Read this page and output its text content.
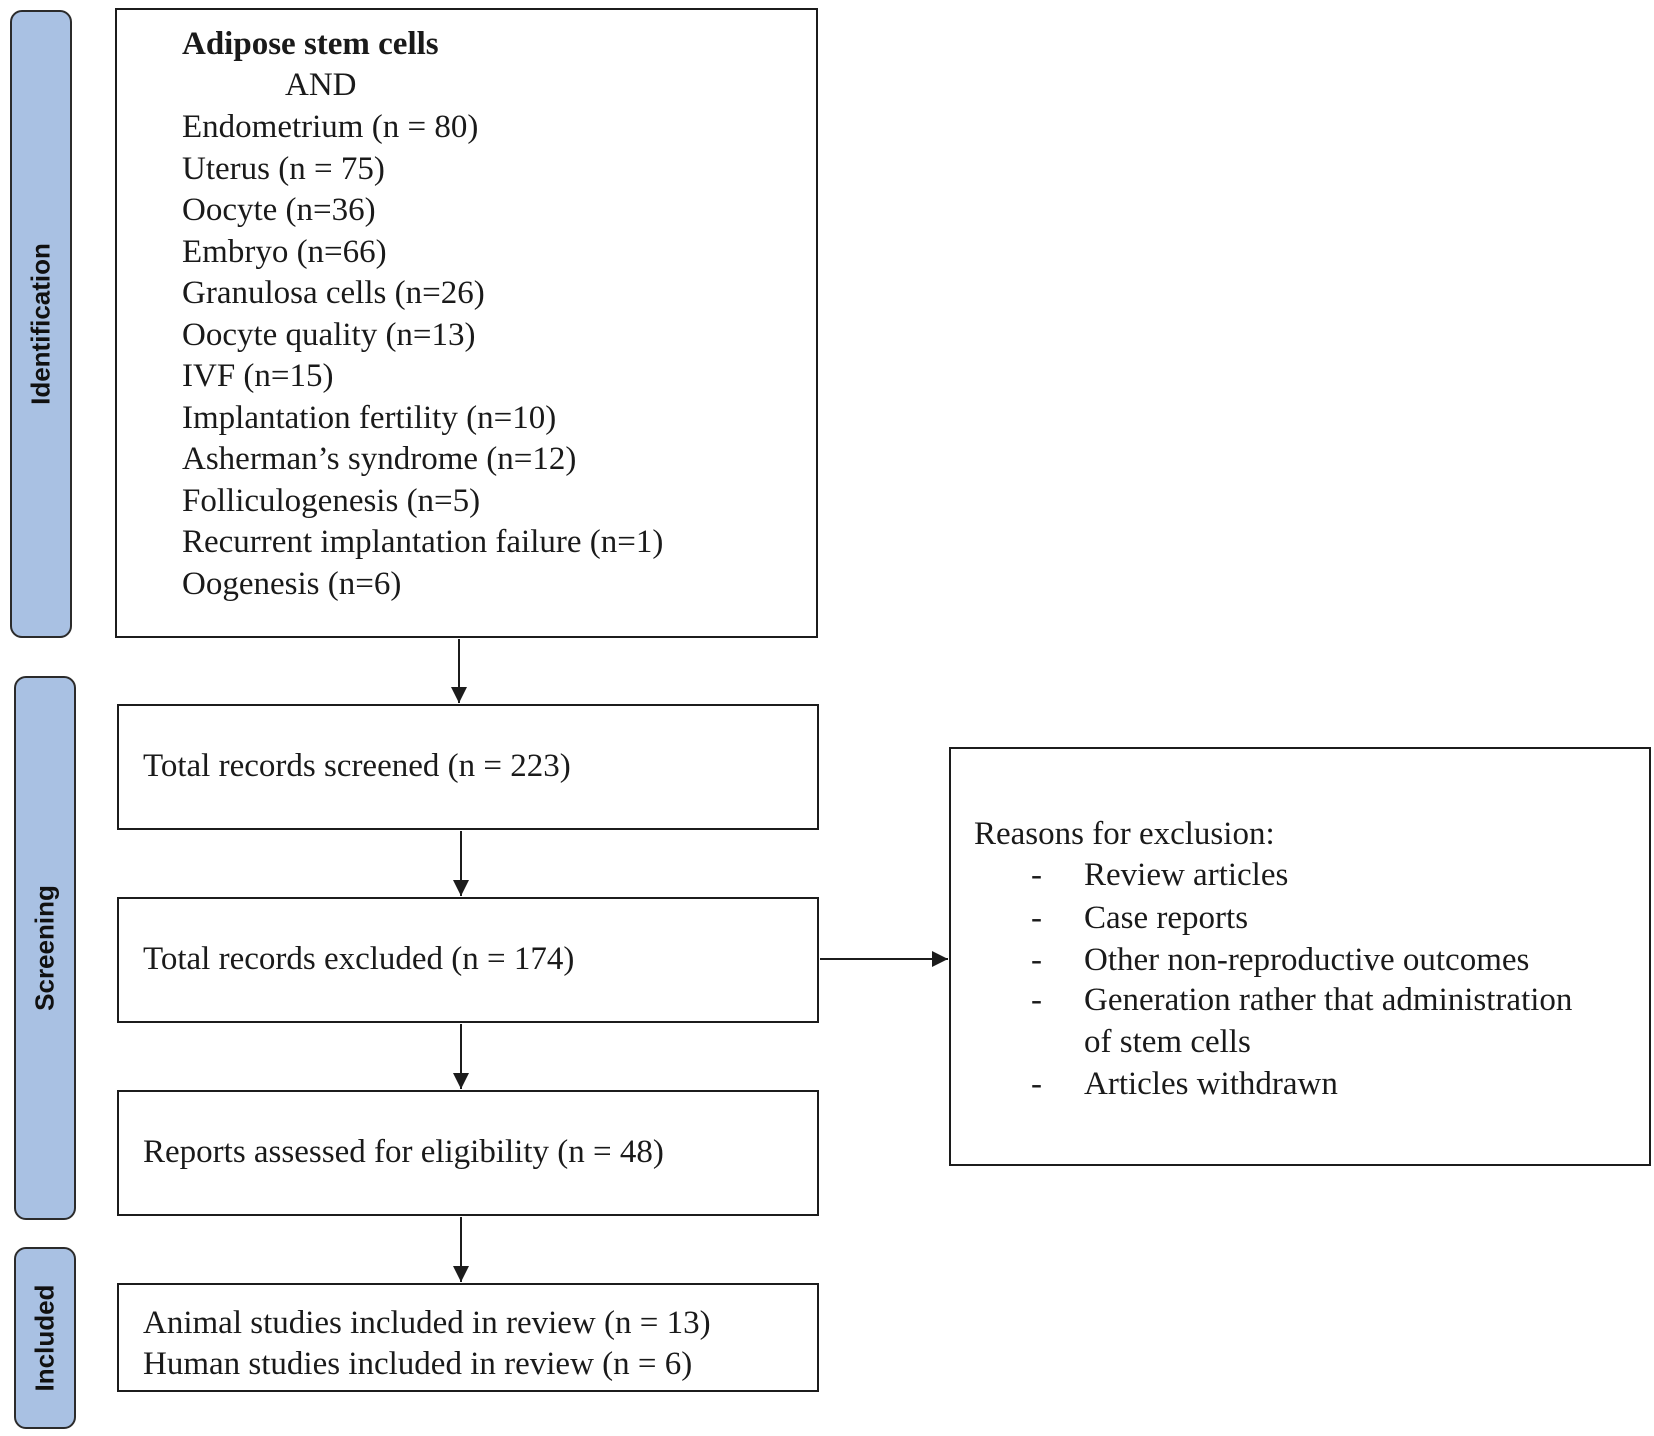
Identification
Screening
Included
Adipose stem cells
AND
Endometrium (n = 80)
Uterus (n = 75)
Oocyte (n=36)
Embryo (n=66)
Granulosa cells (n=26)
Oocyte quality (n=13)
IVF (n=15)
Implantation fertility (n=10)
Asherman’s syndrome (n=12)
Folliculogenesis (n=5)
Recurrent implantation failure (n=1)
Oogenesis (n=6)
Total records screened (n = 223)
Total records excluded (n = 174)
Reports assessed for eligibility (n = 48)
Animal studies included in review (n = 13)
Human studies included in review (n = 6)
Reasons for exclusion:
- Review articles
- Case reports
- Other non-reproductive outcomes
- Generation rather that administration
of stem cells
- Articles withdrawn
